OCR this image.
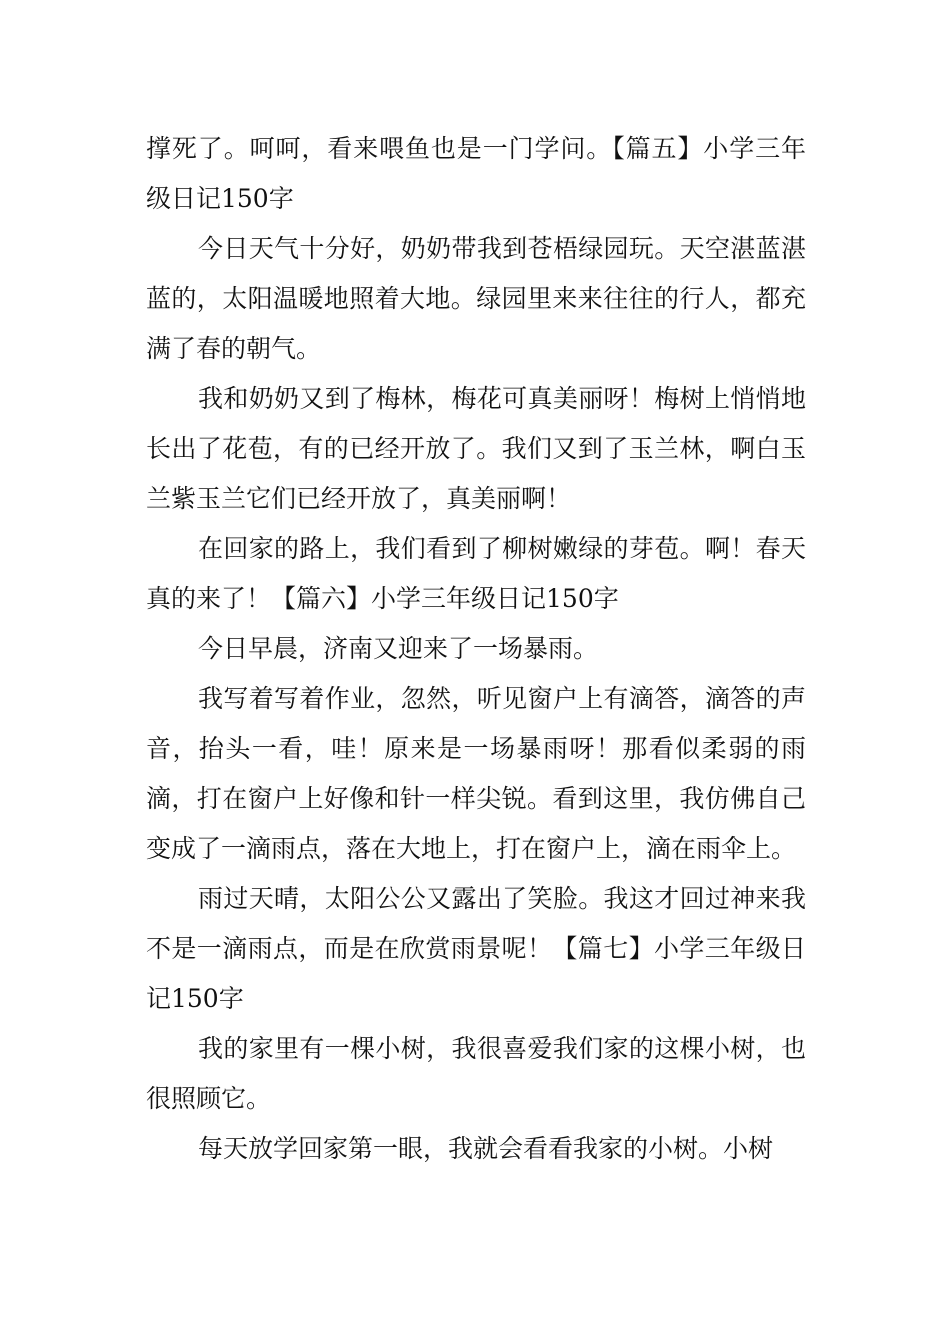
撑死了。呵呵，看来喂鱼也是一门学问。【篇五】小学三年级日记150字

今日天气十分好，奶奶带我到苍梧绿园玩。天空湛蓝湛蓝的，太阳温暖地照着大地。绿园里来来往往的行人，都充满了春的朝气。

我和奶奶又到了梅林，梅花可真美丽呀！梅树上悄悄地长出了花苞，有的已经开放了。我们又到了玉兰林，啊白玉兰紫玉兰它们已经开放了，真美丽啊！

在回家的路上，我们看到了柳树嫩绿的芽苞。啊！春天真的来了！【篇六】小学三年级日记150字

今日早晨，济南又迎来了一场暴雨。

我写着写着作业，忽然，听见窗户上有滴答，滴答的声音，抬头一看，哇！原来是一场暴雨呀！那看似柔弱的雨滴，打在窗户上好像和针一样尖锐。看到这里，我仿佛自己变成了一滴雨点，落在大地上，打在窗户上，滴在雨伞上。

雨过天晴，太阳公公又露出了笑脸。我这才回过神来我不是一滴雨点，而是在欣赏雨景呢！【篇七】小学三年级日记150字

我的家里有一棵小树，我很喜爱我们家的这棵小树，也很照顾它。

每天放学回家第一眼，我就会看看我家的小树。小树
